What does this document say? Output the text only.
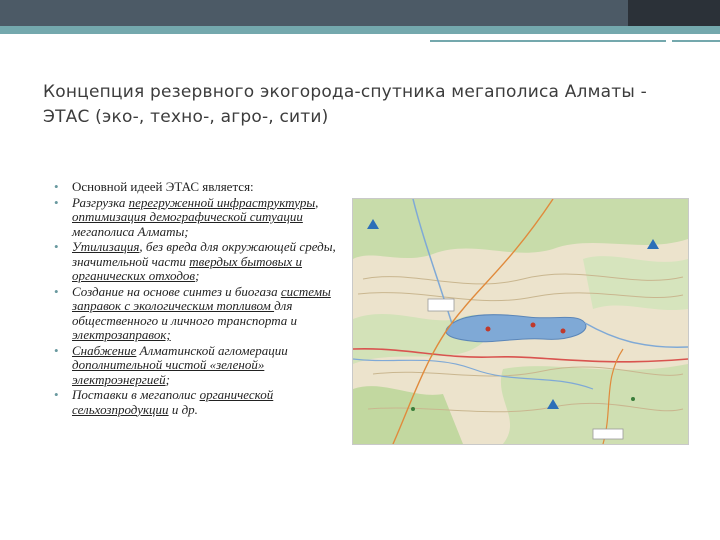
Концепция резервного экогорода-спутника мегаполиса Алматы -
ЭТАС (эко-, техно-, агро-, сити)
• Основной идеей ЭТАС является:
• Разгрузка перегруженной инфраструктуры, оптимизация демографической ситуации мегаполиса Алматы;
• Утилизация, без вреда для окружающей среды, значительной части твердых бытовых и органических отходов;
• Создание на основе синтез и биогаза системы заправок с экологическим топливом для общественного и личного транспорта и электрозаправок;
• Снабжение Алматинской агломерации дополнительной чистой «зеленой» электроэнергией;
• Поставки в мегаполис органической сельхозпродукции и др.
